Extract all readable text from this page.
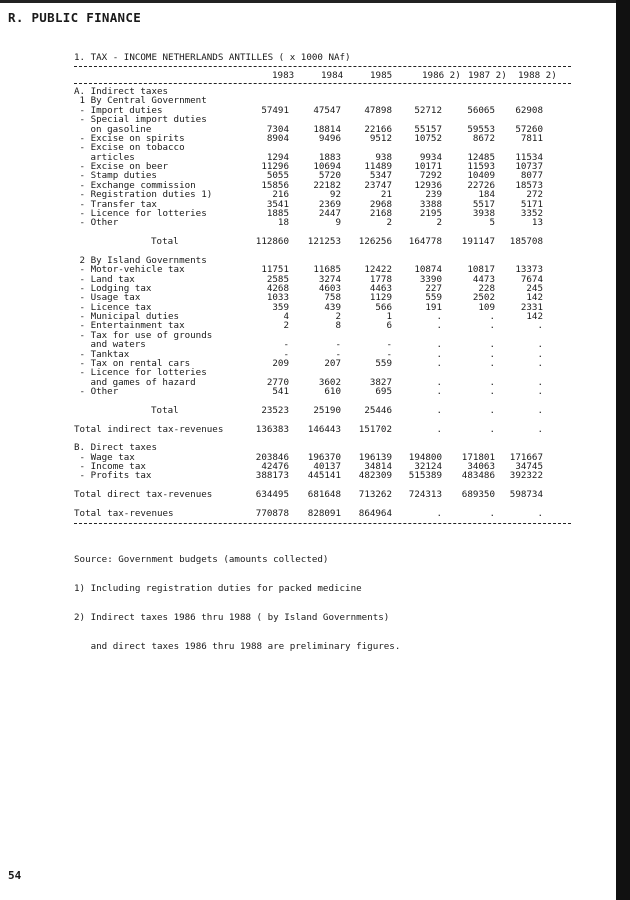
R. PUBLIC FINANCE
1. TAX - INCOME NETHERLANDS ANTILLES ( x 1000 NAf)
1983	1984	1985	1986 2) 1987 2) 1988 2)
A. Indirect taxes
1 By Central Government
- Import duties	57491	47547	47898	52712	56065	62908
- Special import duties
on gasoline	7304	18814	22166	55157	59553	57260
- Excise on spirits	8904	9496	9512	10752	8672	7811
- Excise on tobacco
articles	1294	1883	938	9934	12485	11534
- Excise on beer	11296	10694	11489	10171	11593	10737
- Stamp duties	5055	5720	5347	7292	10409	8077
- Exchange commission	15856	22182	23747	12936	22726	18573
- Registration duties 1)	216	92	21	239	184	272
- Transfer tax	3541	2369	2968	3388	5517	5171
- Licence for lotteries	1885	2447	2168	2195	3938	3352
- Other	18	9	2	2	5	13
Total	112860	121253	126256	164778	191147	185708
2 By Island Governments
- Motor-vehicle tax	11751	11685	12422	10874	10817	13373
- Land tax	2585	3274	1778	3390	4473	7674
- Lodging tax	4268	4603	4463	227	228	245
- Usage tax	1033	758	1129	559	2502	142
- Licence tax	359	439	566	191	109	2331
- Municipal duties	4	2	1	.	.	142
- Entertainment tax	2	8	6	.	.	.
- Tax for use of grounds
and waters	-	-	-	.	.	.
- Tanktax	-	-	-	.	.	.
- Tax on rental cars	209	207	559	.	.	.
- Licence for lotteries
and games of hazard	2770	3602	3827	.	.	.
- Other	541	610	695	.	.	.
Total	23523	25190	25446	.	.	.
Total indirect tax-revenues	136383	146443	151702	.	.	.
B. Direct taxes
- Wage tax	203846	196370	196139	194800	171801	171667
- Income tax	42476	40137	34814	32124	34063	34745
- Profits tax	388173	445141	482309	515389	483486	392322
Total direct tax-revenues	634495	681648	713262	724313	689350	598734
Total tax-revenues	770878	828091	864964	.	.	.

Source: Government budgets (amounts collected)

1) Including registration duties for packed medicine

2) Indirect taxes 1986 thru 1988 ( by Island Governments)

and direct taxes 1986 thru 1988 are preliminary figures.

54
